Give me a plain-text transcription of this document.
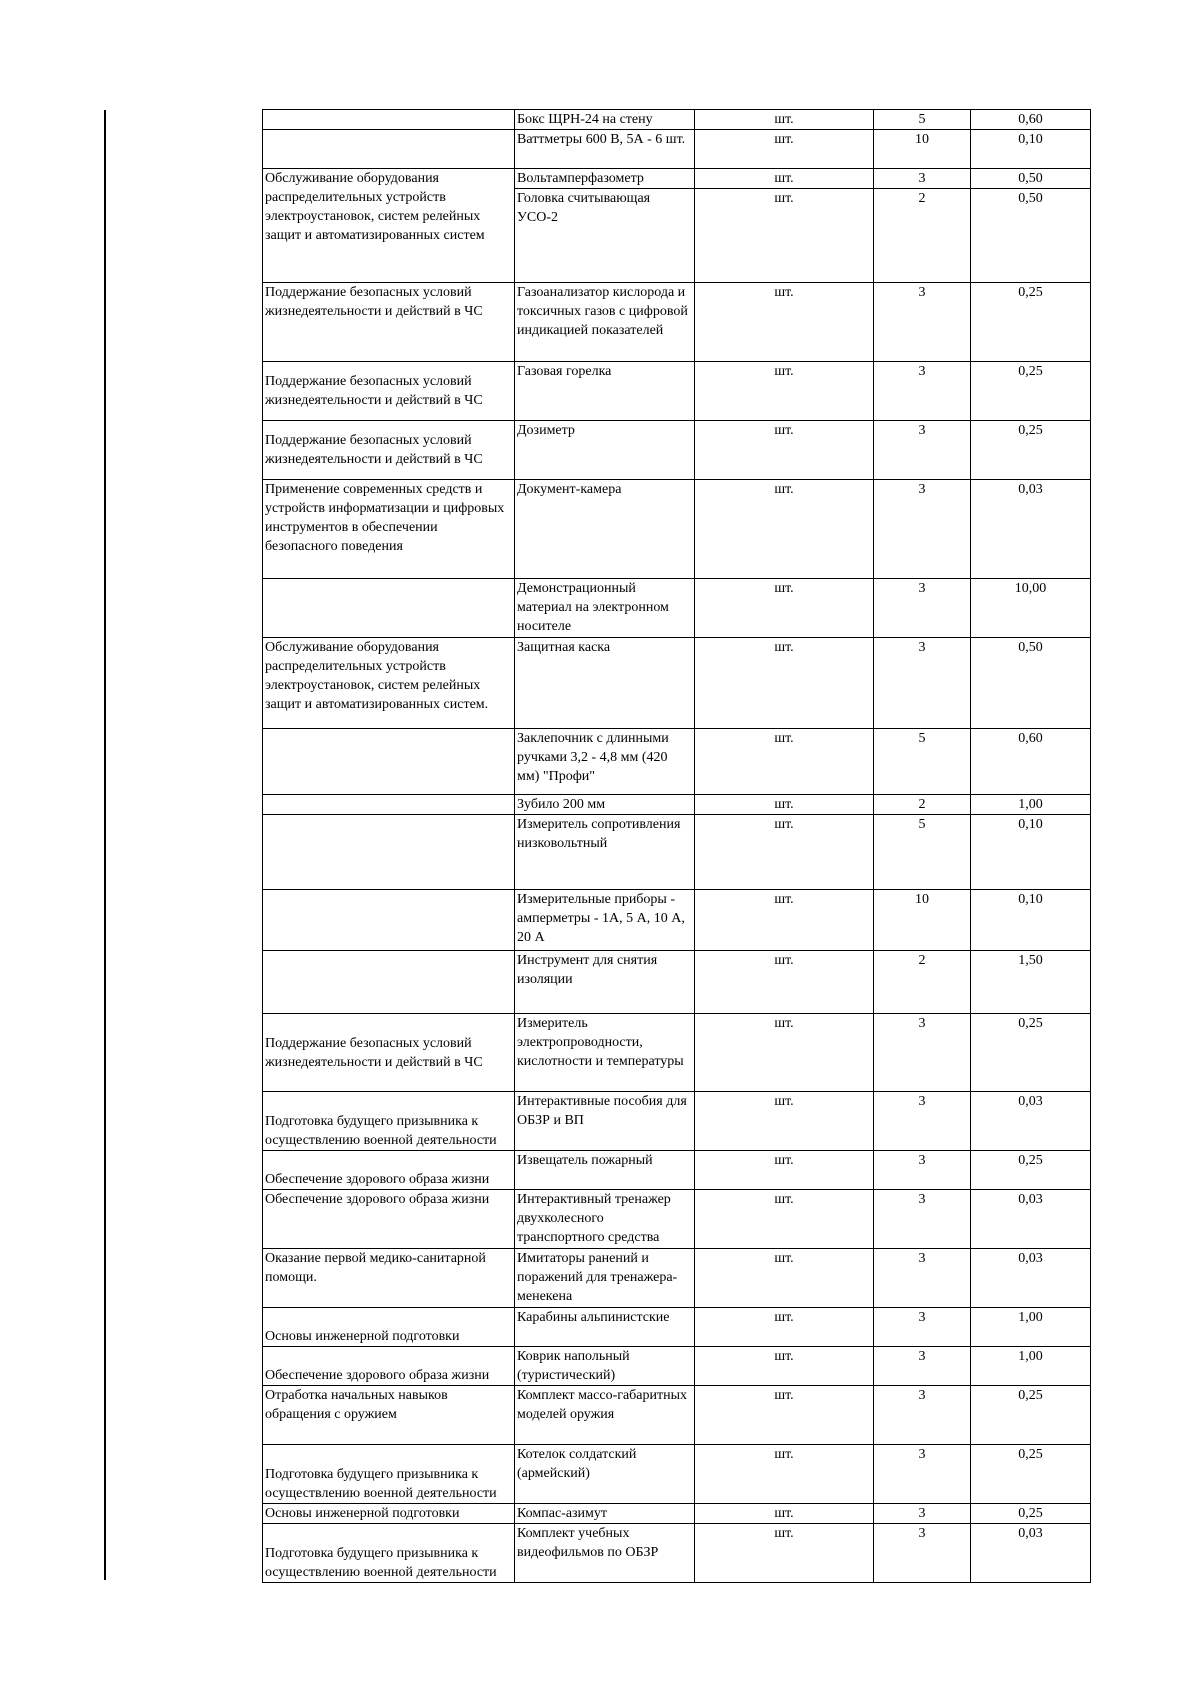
	Бокс ЩРН-24 на стену	шт.	5	0,60
	Ваттметры 600 В, 5А - 6 шт.	шт.	10	0,10
Обслуживание оборудования распределительных устройств электроустановок, систем релейных защит и автоматизированных систем	Вольтамперфазометр	шт.	3	0,50
	Головка считывающая УСО-2	шт.	2	0,50
Поддержание безопасных условий жизнедеятельности и действий в ЧС	Газоанализатор кислорода и токсичных газов с цифровой индикацией показателей	шт.	3	0,25
Поддержание безопасных условий жизнедеятельности и действий в ЧС	Газовая горелка	шт.	3	0,25
Поддержание безопасных условий жизнедеятельности и действий в ЧС	Дозиметр	шт.	3	0,25
Применение современных средств и устройств информатизации и цифровых инструментов в обеспечении безопасного поведения	Документ-камера	шт.	3	0,03
	Демонстрационный материал на электронном носителе	шт.	3	10,00
Обслуживание оборудования распределительных устройств электроустановок, систем релейных защит и автоматизированных систем.	Защитная каска	шт.	3	0,50
	Заклепочник с длинными ручками 3,2 - 4,8 мм (420 мм) "Профи"	шт.	5	0,60
	Зубило 200 мм	шт.	2	1,00
	Измеритель сопротивления низковольтный	шт.	5	0,10
	Измерительные приборы - амперметры - 1А, 5 А, 10 А, 20 А	шт.	10	0,10
	Инструмент для снятия изоляции	шт.	2	1,50
Поддержание безопасных условий жизнедеятельности и действий в ЧС	Измеритель электропроводности, кислотности и температуры	шт.	3	0,25
Подготовка будущего призывника к осуществлению военной деятельности	Интерактивные пособия для ОБЗР и ВП	шт.	3	0,03
Обеспечение здорового образа жизни	Извещатель пожарный	шт.	3	0,25
Обеспечение здорового образа жизни	Интерактивный тренажер двухколесного транспортного средства	шт.	3	0,03
Оказание первой медико-санитарной помощи.	Имитаторы ранений и поражений для тренажера-менекена	шт.	3	0,03
Основы инженерной подготовки	Карабины альпинистские	шт.	3	1,00
Обеспечение здорового образа жизни	Коврик напольный (туристический)	шт.	3	1,00
Отработка начальных навыков обращения с оружием	Комплект массо-габаритных моделей оружия	шт.	3	0,25
Подготовка будущего призывника к осуществлению военной деятельности	Котелок солдатский (армейский)	шт.	3	0,25
Основы инженерной подготовки	Компас-азимут	шт.	3	0,25
Подготовка будущего призывника к осуществлению военной деятельности	Комплект учебных видеофильмов по ОБЗР	шт.	3	0,03
